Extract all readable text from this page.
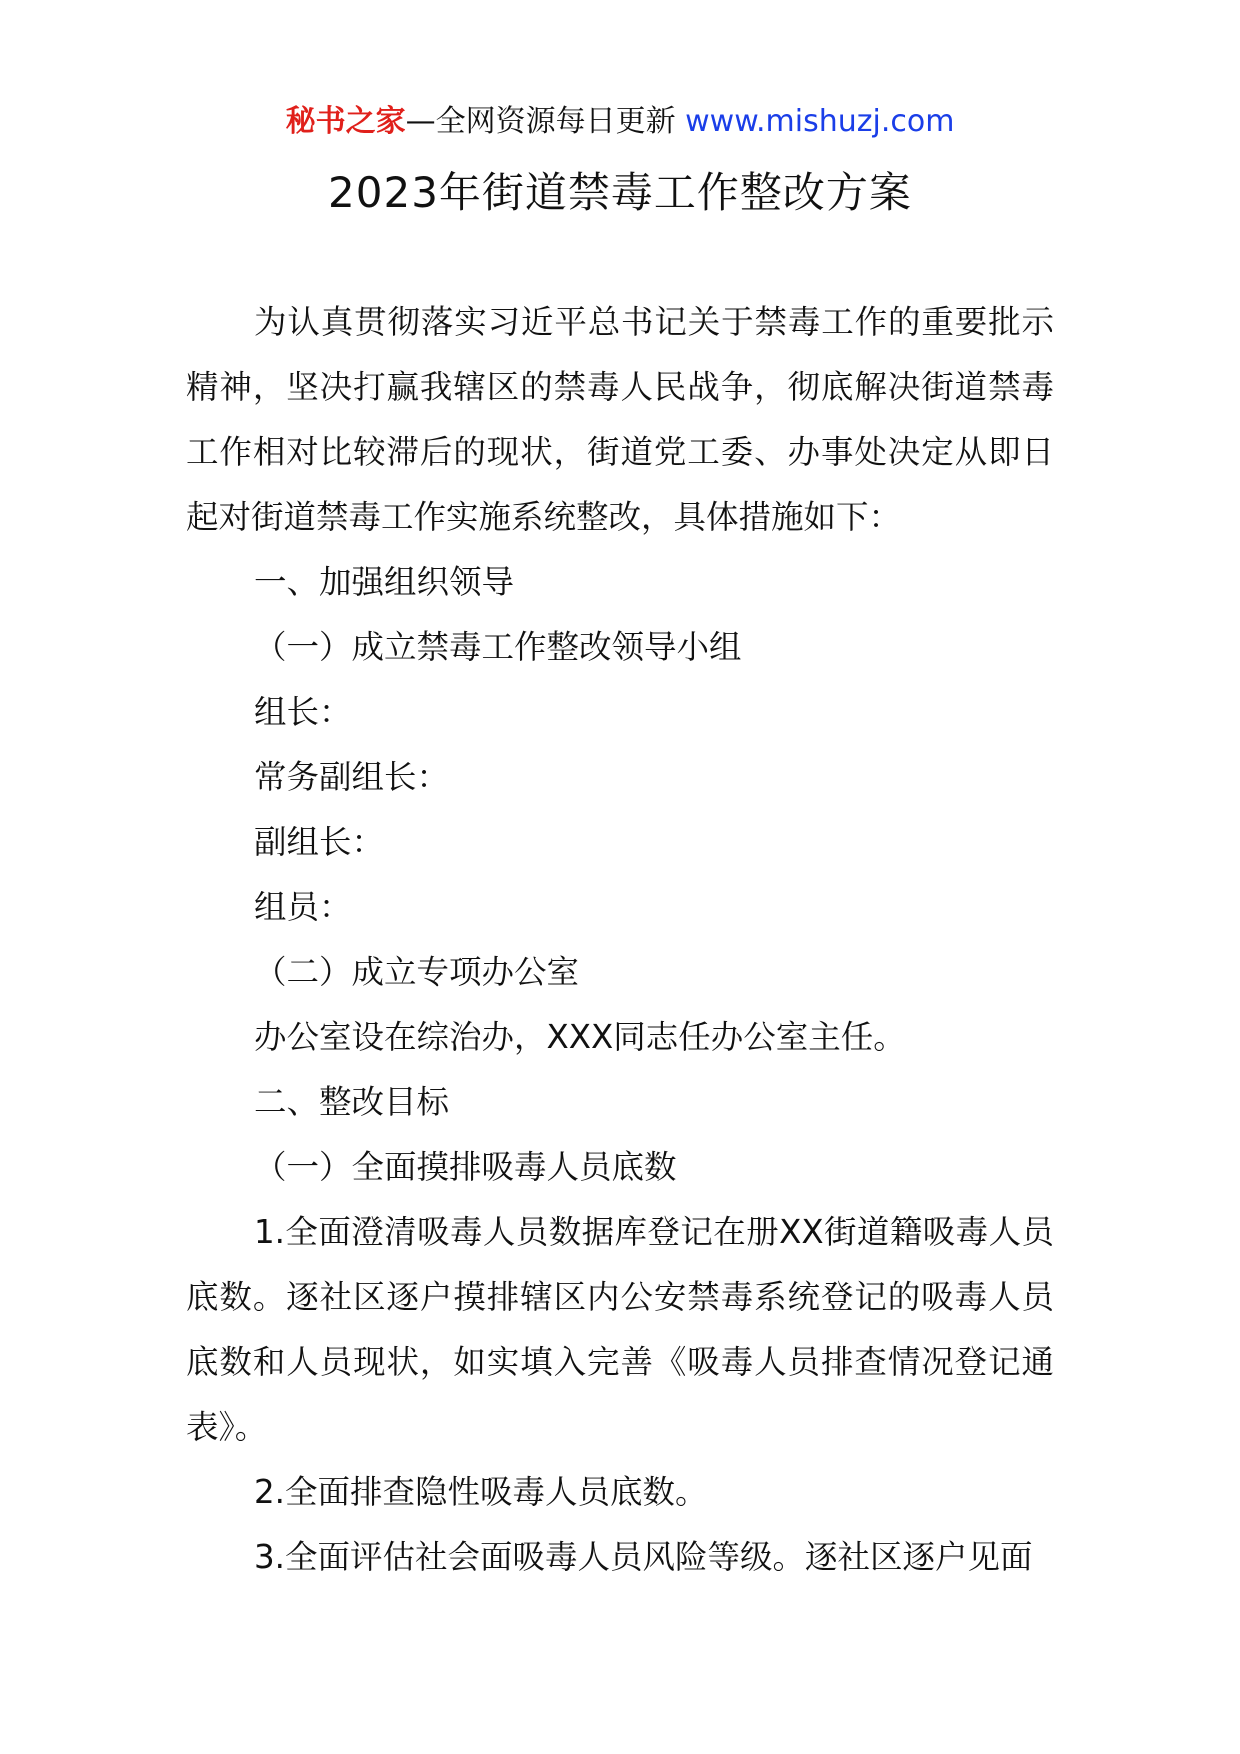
秘书之家—全网资源每日更新 www.mishuzj.com
2023年街道禁毒工作整改方案

为认真贯彻落实习近平总书记关于禁毒工作的重要批示精神，坚决打赢我辖区的禁毒人民战争，彻底解决街道禁毒工作相对比较滞后的现状，街道党工委、办事处决定从即日起对街道禁毒工作实施系统整改，具体措施如下：

一、加强组织领导

（一）成立禁毒工作整改领导小组

组长：

常务副组长：

副组长：

组员：

（二）成立专项办公室

办公室设在综治办，XXX同志任办公室主任。

二、整改目标

（一）全面摸排吸毒人员底数

1.全面澄清吸毒人员数据库登记在册XX街道籍吸毒人员底数。逐社区逐户摸排辖区内公安禁毒系统登记的吸毒人员底数和人员现状，如实填入完善《吸毒人员排查情况登记通表》。

2.全面排查隐性吸毒人员底数。

3.全面评估社会面吸毒人员风险等级。逐社区逐户见面
